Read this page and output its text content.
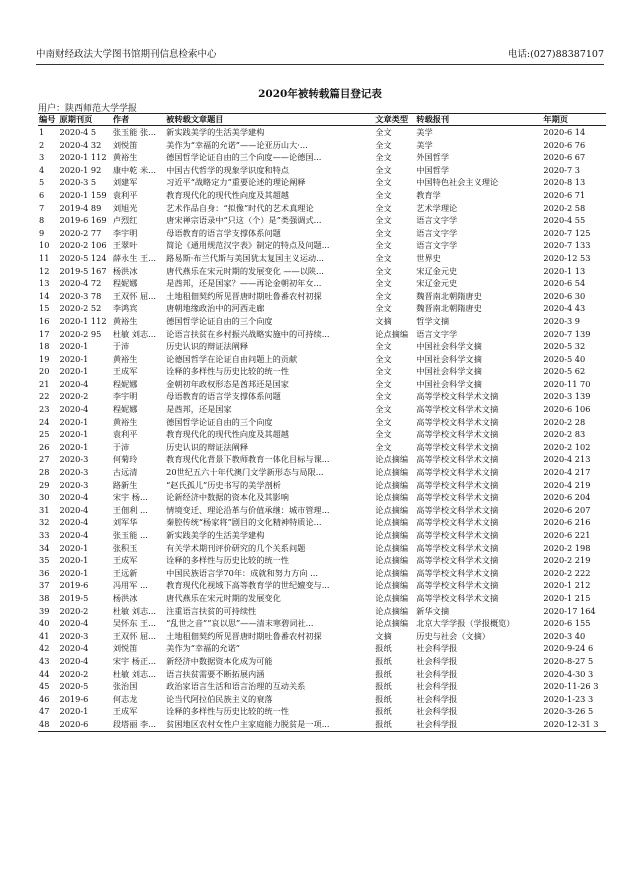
中南财经政法大学图书馆期刊信息检索中心	电话:(027)88387107
2020年被转载篇目登记表
用户：陕西师范大学学报
编号	原期刊页	作者	被转载文章题目	文章类型	转载报刊	年期页
1	2020-4 5	张玉能 张...	新实践美学的生活美学建构	全文	美学	2020-6 14
2	2020-4 32	刘悦笛	美作为“幸福的允诺”——论亚历山大·...	全文	美学	2020-6 76
3	2020-1 112	黄裕生	德国哲学论证自由的三个向度——论德国...	全文	外国哲学	2020-6 67
4	2020-1 92	康中乾 米...	中国古代哲学的现象学识度和特点	全文	中国哲学	2020-7 3
5	2020-3 5	刘建军	习近平“战略定力”重要论述的理论阐释	全文	中国特色社会主义理论	2020-8 13
6	2020-1 159	袁利平	教育现代化的现代性向度及其超越	全文	教育学	2020-6 71
7	2019-4 89	刘旭光	艺术作品自身：“拟像”时代的艺术真理论	全文	艺术学理论	2020-2 58
8	2019-6 169	卢烈红	唐宋禅宗语录中“只这（个）是”类强调式...	全文	语言文字学	2020-4 55
9	2020-2 77	李宇明	母语教育的语言学支撑体系问题	全文	语言文字学	2020-7 125
10	2020-2 106	王翠叶	简论《通用规范汉字表》制定的特点及问题...	全文	语言文字学	2020-7 133
11	2020-5 124	薛永生 王...	路易斯·布兰代斯与美国犹太复国主义运动...	全文	世界史	2020-12 53
12	2019-5 167	杨洪冰	唐代燕乐在宋元时期的发展变化 ——以陕...	全文	宋辽金元史	2020-1 13
13	2020-4 72	程妮娜	是酋邦，还是国家？——再论金朝初年女...	全文	宋辽金元史	2020-6 54
14	2020-3 78	王双怀 屈...	土地租佃契约所见晋唐时期吐鲁番农村初探	全文	魏晋南北朝隋唐史	2020-6 30
15	2020-2 52	李鸿宾	唐朝地缘政治中的河西走廊	全文	魏晋南北朝隋唐史	2020-4 43
16	2020-1 112	黄裕生	德国哲学论证自由的三个向度	文摘	哲学文摘	2020-3 9
17	2020-2 95	杜敏 刘志...	论语言扶贫在乡村振兴战略实施中的可持续...	论点摘编	语言文字学	2020-7 139
18	2020-1	于沛	历史认识的辩证法阐释	全文	中国社会科学文摘	2020-5 32
19	2020-1	黄裕生	论德国哲学在论证自由问题上的贡献	全文	中国社会科学文摘	2020-5 40
20	2020-1	王成军	诠释的多样性与历史比较的统一性	全文	中国社会科学文摘	2020-5 62
21	2020-4	程妮娜	金朝初年政权形态是酋邦还是国家	全文	中国社会科学文摘	2020-11 70
22	2020-2	李宇明	母语教育的语言学支撑体系问题	全文	高等学校文科学术文摘	2020-3 139
23	2020-4	程妮娜	是酋邦，还是国家	全文	高等学校文科学术文摘	2020-6 106
24	2020-1	黄裕生	德国哲学论证自由的三个向度	全文	高等学校文科学术文摘	2020-2 28
25	2020-1	袁利平	教育现代化的现代性向度及其超越	全文	高等学校文科学术文摘	2020-2 83
26	2020-1	于沛	历史认识的辩证法阐释	全文	高等学校文科学术文摘	2020-2 102
27	2020-3	何菊玲	教育现代化背景下教师教育一体化目标与课...	论点摘编	高等学校文科学术文摘	2020-4 213
28	2020-3	古远清	20世纪五六十年代澳门文学新形态与局限...	论点摘编	高等学校文科学术文摘	2020-4 217
29	2020-3	路新生	“赵氏孤儿”历史书写的美学剖析	论点摘编	高等学校文科学术文摘	2020-4 219
30	2020-4	宋宇 杨...	论新经济中数据的资本化及其影响	论点摘编	高等学校文科学术文摘	2020-6 204
31	2020-4	王佃利 ...	情境变迁、理论沿革与价值承继：城市管理...	论点摘编	高等学校文科学术文摘	2020-6 207
32	2020-4	刘军华	秦腔传统“杨家将”剧目的文化精神特质论...	论点摘编	高等学校文科学术文摘	2020-6 216
33	2020-4	张玉能 ...	新实践美学的生活美学建构	论点摘编	高等学校文科学术文摘	2020-6 221
34	2020-1	张积玉	有关学术期刊评价研究的几个关系问题	论点摘编	高等学校文科学术文摘	2020-2 198
35	2020-1	王成军	诠释的多样性与历史比较的统一性	论点摘编	高等学校文科学术文摘	2020-2 219
36	2020-1	王远新	中国民族语言学70年：成就和努力方向 ...	论点摘编	高等学校文科学术文摘	2020-2 222
37	2019-6	冯用军 ...	教育现代化视域下高等教育学的世纪嬗变与...	论点摘编	高等学校文科学术文摘	2020-1 212
38	2019-5	杨洪冰	唐代燕乐在宋元时期的发展变化	论点摘编	高等学校文科学术文摘	2020-1 215
39	2020-2	杜敏 刘志...	注重语言扶贫的可持续性	论点摘编	新华文摘	2020-17 164
40	2020-4	吴怀东 王...	“乱世之音”“哀以思”——清末寒碧词社...	论点摘编	北京大学学报（学报概览）	2020-6 155
41	2020-3	王双怀 屈...	土地租佃契约所见晋唐时期吐鲁番农村初探	文摘	历史与社会（文摘）	2020-3 40
42	2020-4	刘悦笛	美作为“幸福的允诺”	报纸	社会科学报	2020-9-24 6
43	2020-4	宋宇 杨正...	新经济中数据资本化成为可能	报纸	社会科学报	2020-8-27 5
44	2020-2	杜敏 刘志...	语言扶贫需要不断拓展内涵	报纸	社会科学报	2020-4-30 3
45	2020-5	张治国	政治家语言生活和语言治理的互动关系	报纸	社会科学报	2020-11-26 3
46	2019-6	何志龙	论当代阿拉伯民族主义的衰落	报纸	社会科学报	2020-1-23 3
47	2020-1	王成军	诠释的多样性与历史比较的统一性	报纸	社会科学报	2020-3-26 5
48	2020-6	段塔丽 李...	贫困地区农村女性户主家庭能力脱贫是一项...	报纸	社会科学报	2020-12-31 3
